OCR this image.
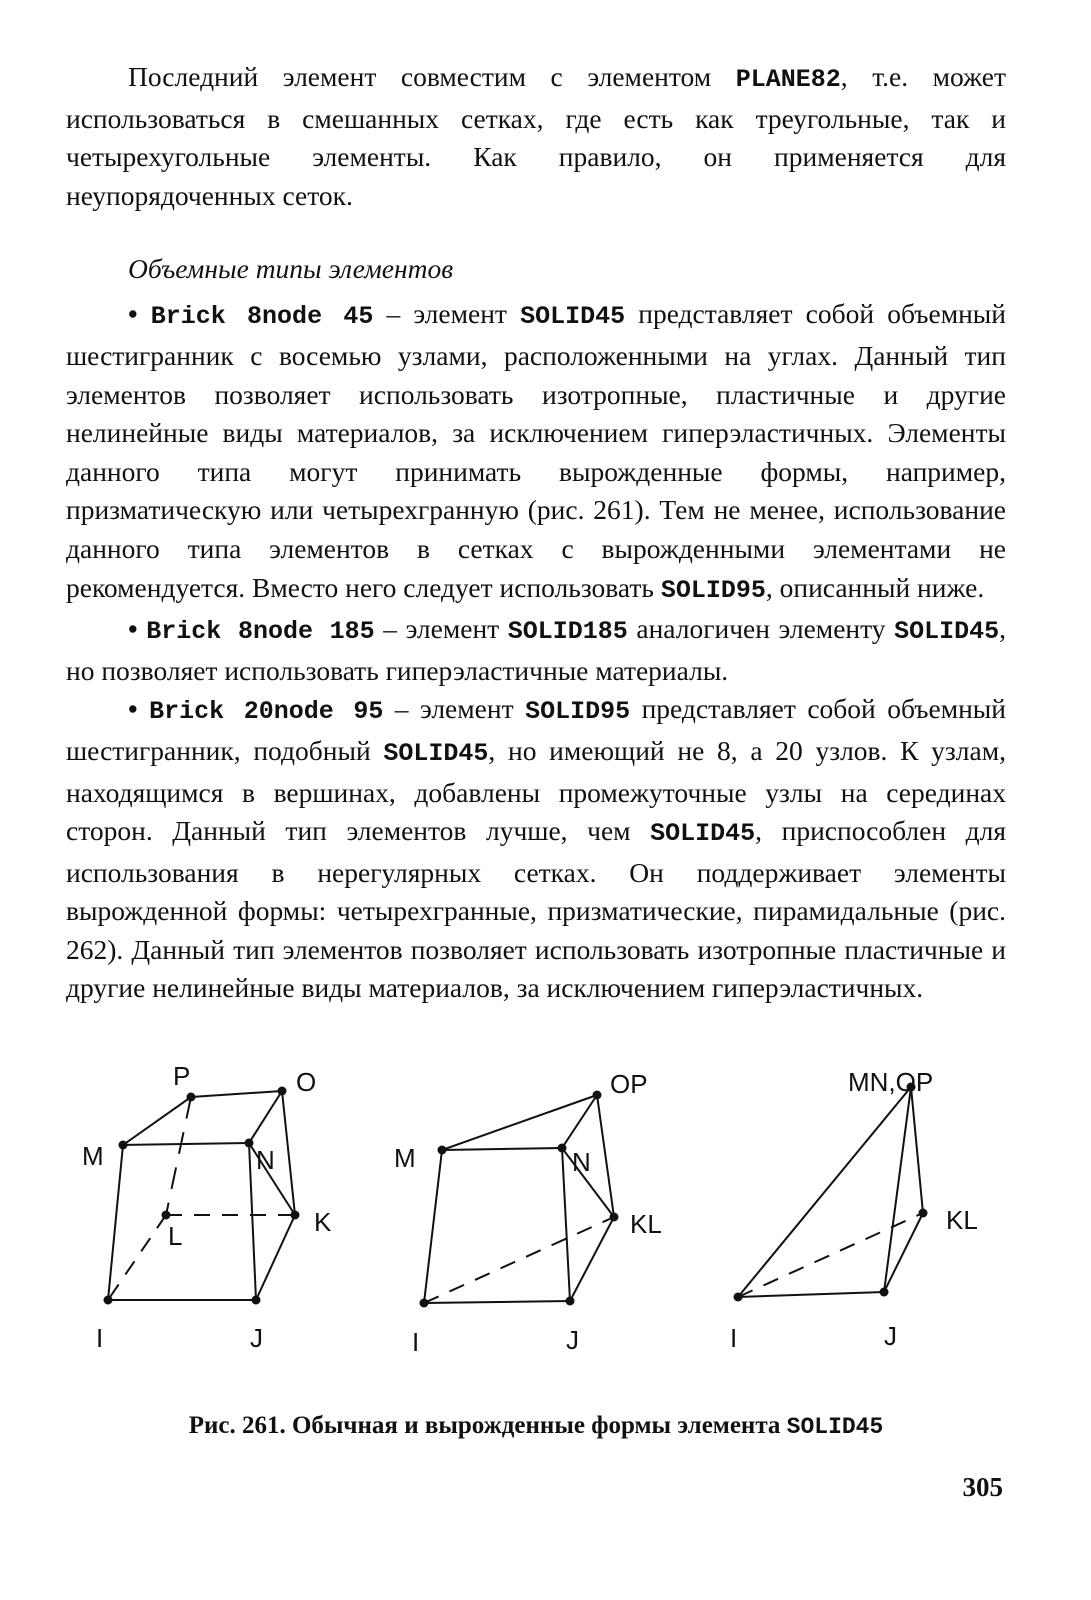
Последний элемент совместим с элементом PLANE82, т.е. может использоваться в смешанных сетках, где есть как треугольные, так и четырехугольные элементы. Как правило, он применяется для неупорядоченных сеток.

Объемные типы элементов

• Brick 8node 45 – элемент SOLID45 представляет собой объемный шестигранник с восемью узлами, расположенными на углах. Данный тип элементов позволяет использовать изотропные, пластичные и другие нелинейные виды материалов, за исключением гиперэластичных. Элементы данного типа могут принимать вырожденные формы, например, призматическую или четырехгранную (рис. 261). Тем не менее, использование данного типа элементов в сетках с вырожденными элементами не рекомендуется. Вместо него следует использовать SOLID95, описанный ниже.

• Brick 8node 185 – элемент SOLID185 аналогичен элементу SOLID45, но позволяет использовать гиперэластичные материалы.

• Brick 20node 95 – элемент SOLID95 представляет собой объемный шестигранник, подобный SOLID45, но имеющий не 8, а 20 узлов. К узлам, находящимся в вершинах, добавлены промежуточные узлы на серединах сторон. Данный тип элементов лучше, чем SOLID45, приспособлен для использования в нерегулярных сетках. Он поддерживает элементы вырожденной формы: четырехгранные, призматические, пирамидальные (рис. 262). Данный тип элементов позволяет использовать изотропные пластичные и другие нелинейные виды материалов, за исключением гиперэластичных.

P	O
M	N
L	K
I	J
OP
M	N
KL
I	J
MN,OP
KL
I	J
Рис. 261. Обычная и вырожденные формы элемента SOLID45
305
